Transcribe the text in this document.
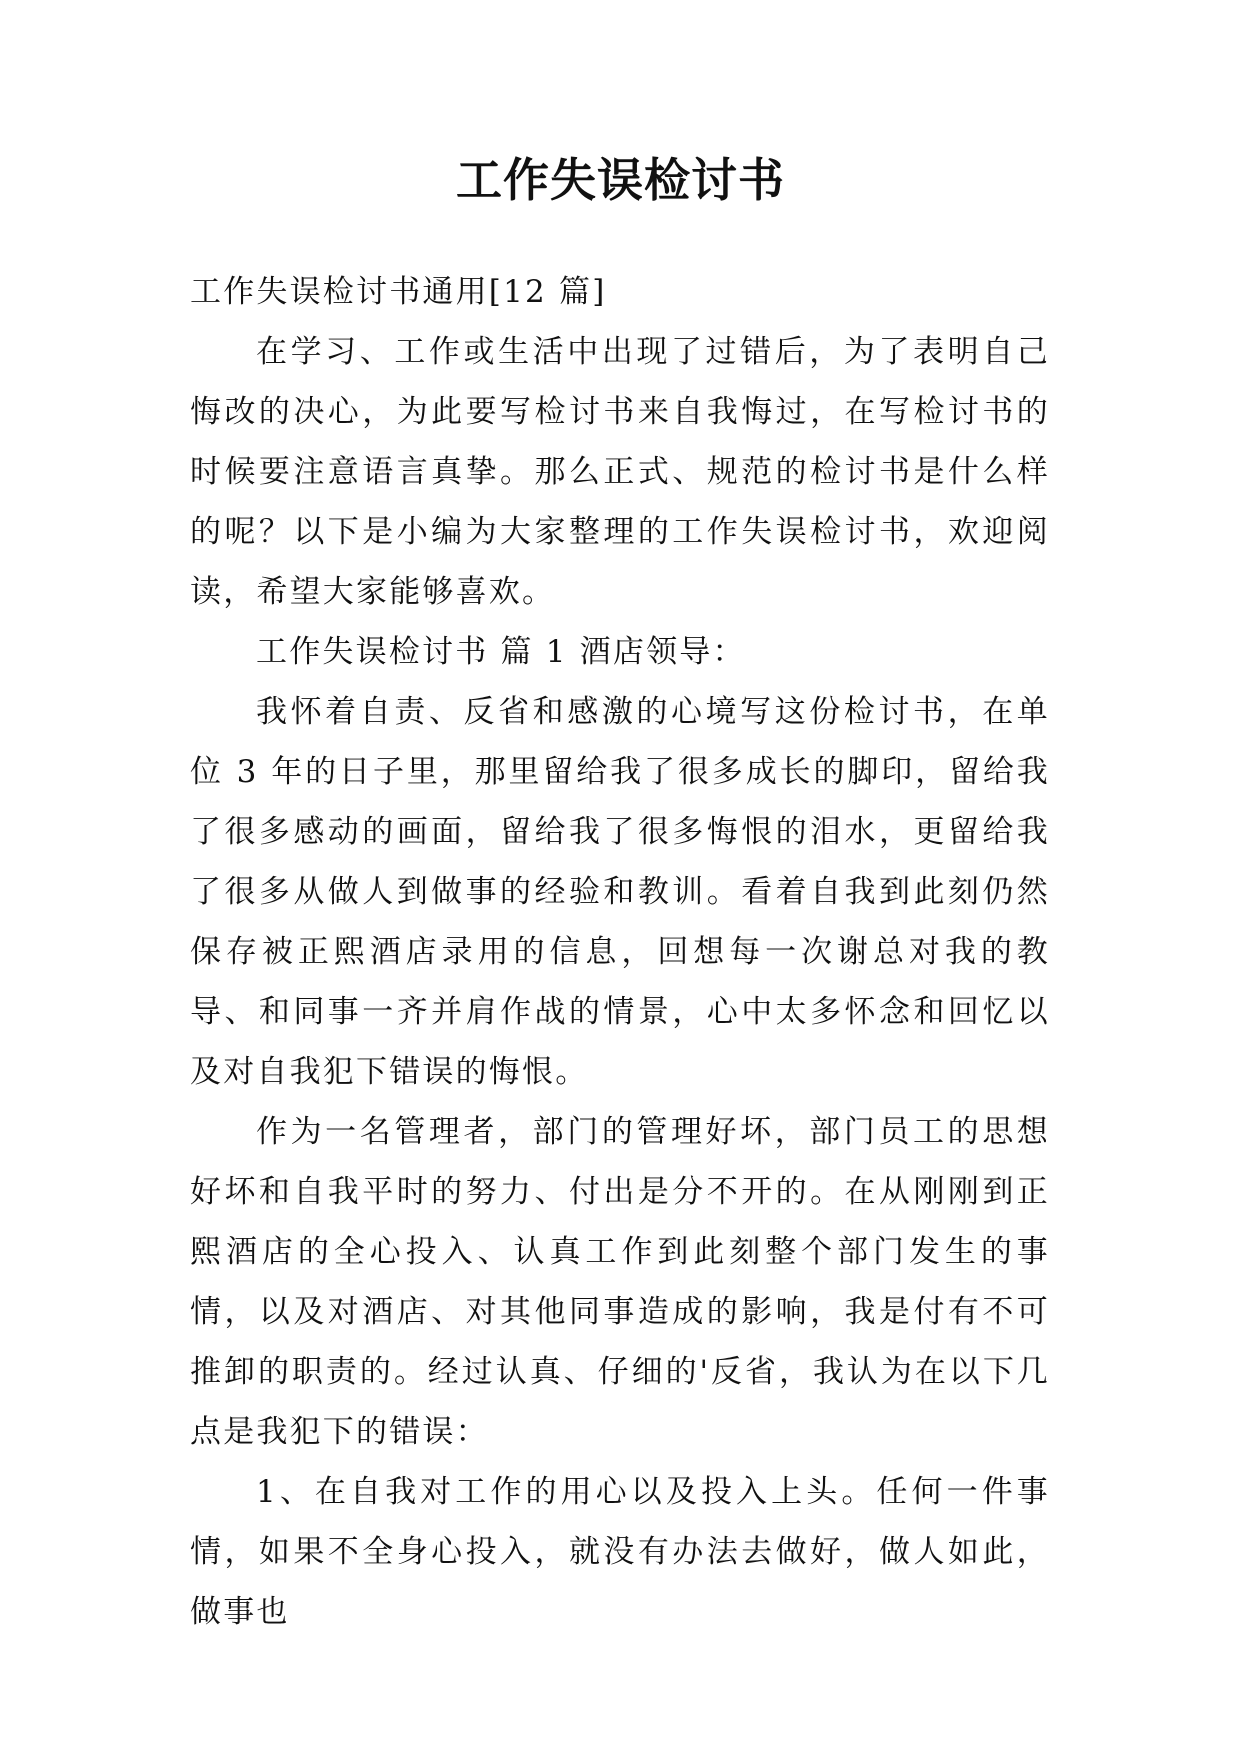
工作失误检讨书

工作失误检讨书通用[12 篇]

在学习、工作或生活中出现了过错后，为了表明自己悔改的决心，为此要写检讨书来自我悔过，在写检讨书的时候要注意语言真挚。那么正式、规范的检讨书是什么样的呢？以下是小编为大家整理的工作失误检讨书，欢迎阅读，希望大家能够喜欢。

工作失误检讨书 篇 1 酒店领导：

我怀着自责、反省和感激的心境写这份检讨书，在单位 3 年的日子里，那里留给我了很多成长的脚印，留给我了很多感动的画面，留给我了很多悔恨的泪水，更留给我了很多从做人到做事的经验和教训。看着自我到此刻仍然保存被正熙酒店录用的信息，回想每一次谢总对我的教导、和同事一齐并肩作战的情景，心中太多怀念和回忆以及对自我犯下错误的悔恨。

作为一名管理者，部门的管理好坏，部门员工的思想好坏和自我平时的努力、付出是分不开的。在从刚刚到正熙酒店的全心投入、认真工作到此刻整个部门发生的事情，以及对酒店、对其他同事造成的影响，我是付有不可推卸的职责的。经过认真、仔细的'反省，我认为在以下几点是我犯下的错误：

1、在自我对工作的用心以及投入上头。任何一件事情，如果不全身心投入，就没有办法去做好，做人如此，做事也
